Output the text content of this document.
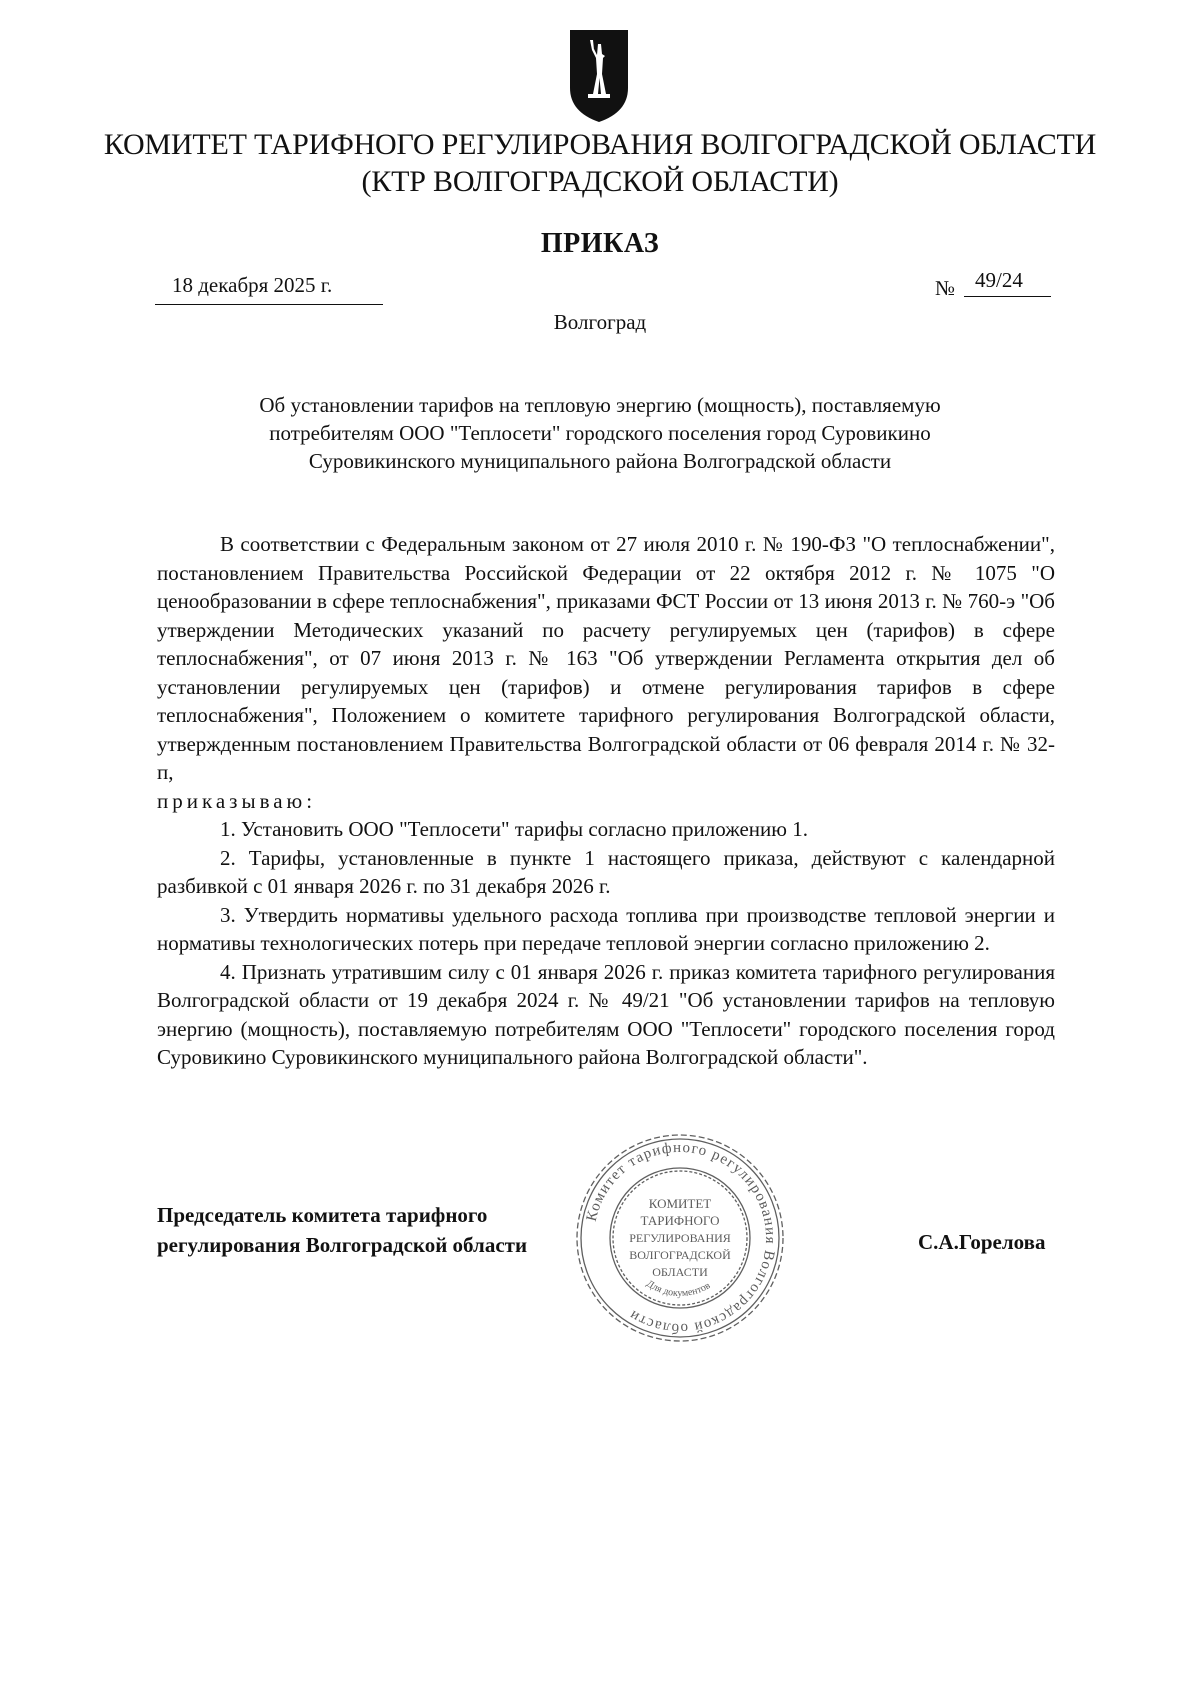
КОМИТЕТ ТАРИФНОГО РЕГУЛИРОВАНИЯ ВОЛГОГРАДСКОЙ ОБЛАСТИ
(КТР ВОЛГОГРАДСКОЙ ОБЛАСТИ)
ПРИКАЗ
18 декабря 2025 г.	№ 49/24
Волгоград
Об установлении тарифов на тепловую энергию (мощность), поставляемую
потребителям ООО "Теплосети" городского поселения город Суровикино
Суровикинского муниципального района Волгоградской области

В соответствии с Федеральным законом от 27 июля 2010 г. № 190-ФЗ "О теплоснабжении", постановлением Правительства Российской Федерации от 22 октября 2012 г. № 1075 "О ценообразовании в сфере теплоснабжения", приказами ФСТ России от 13 июня 2013 г. № 760-э "Об утверждении Методических указаний по расчету регулируемых цен (тарифов) в сфере теплоснабжения", от 07 июня 2013 г. № 163 "Об утверждении Регламента открытия дел об установлении регулируемых цен (тарифов) и отмене регулирования тарифов в сфере теплоснабжения", Положением о комитете тарифного регулирования Волгоградской области, утвержденным постановлением Правительства Волгоградской области от 06 февраля 2014 г. № 32-п,

приказываю:

1. Установить ООО "Теплосети" тарифы согласно приложению 1.

2. Тарифы, установленные в пункте 1 настоящего приказа, действуют с календарной разбивкой с 01 января 2026 г. по 31 декабря 2026 г.

3. Утвердить нормативы удельного расхода топлива при производстве тепловой энергии и нормативы технологических потерь при передаче тепловой энергии согласно приложению 2.

4. Признать утратившим силу с 01 января 2026 г. приказ комитета тарифного регулирования Волгоградской области от 19 декабря 2024 г. № 49/21 "Об установлении тарифов на тепловую энергию (мощность), поставляемую потребителям ООО "Теплосети" городского поселения город Суровикино Суровикинского муниципального района Волгоградской области".

Председатель комитета тарифного
регулирования Волгоградской области	С.А.Горелова
Комитет тарифного регулирования Волгоградской области
Для документов
КОМИТЕТ
ТАРИФНОГО
РЕГУЛИРОВАНИЯ
ВОЛГОГРАДСКОЙ
ОБЛАСТИ
